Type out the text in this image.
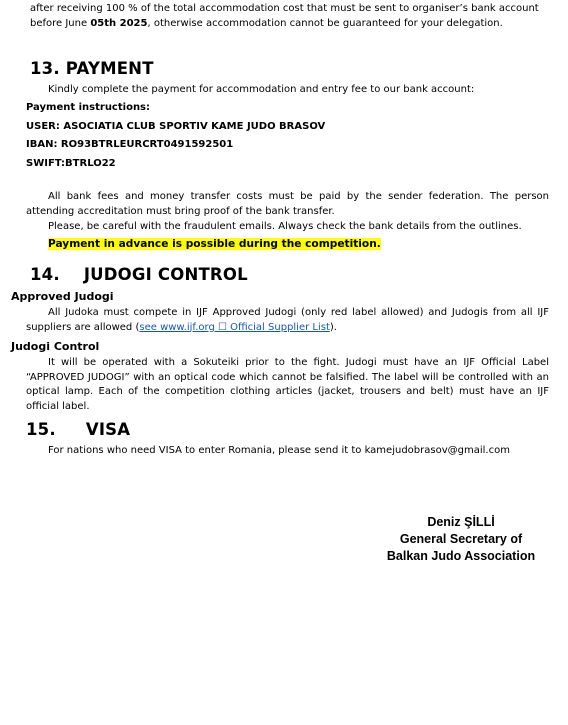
after receiving 100 % of the total accommodation cost that must be sent to organiser’s bank account
before June 05th 2025, otherwise accommodation cannot be guaranteed for your delegation.
13. PAYMENT
Kindly complete the payment for accommodation and entry fee to our bank account:
Payment instructions:
USER: ASOCIATIA CLUB SPORTIV KAME JUDO BRASOV
IBAN: RO93BTRLEURCRT0491592501
SWIFT:BTRLO22
All bank fees and money transfer costs must be paid by the sender federation. The person attending accreditation must bring proof of the bank transfer.
Please, be careful with the fraudulent emails. Always check the bank details from the outlines.
Payment in advance is possible during the competition.
14. JUDOGI CONTROL
Approved Judogi
All Judoka must compete in IJF Approved Judogi (only red label allowed) and Judogis from all IJF suppliers are allowed (see www.ijf.org ☐ Official Supplier List).
Judogi Control
It will be operated with a Sokuteiki prior to the fight. Judogi must have an IJF Official Label “APPROVED JUDOGI” with an optical code which cannot be falsified. The label will be controlled with an optical lamp. Each of the competition clothing articles (jacket, trousers and belt) must have an IJF official label.
15. VISA
For nations who need VISA to enter Romania, please send it to kamejudobrasov@gmail.com
Deniz ŞİLLİ
General Secretary of
Balkan Judo Association
